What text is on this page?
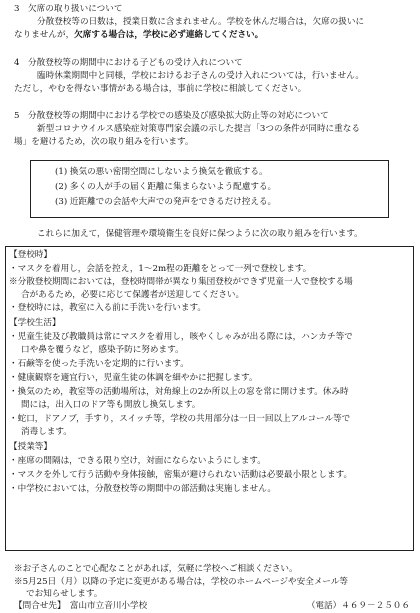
3　欠席の取り扱いについて
分散登校等の日数は，授業日数に含まれません。学校を休んだ場合は，欠席の扱いに
なりませんが，欠席する場合は，学校に必ず連絡してください。
4　分散登校等の期間中における子どもの受け入れについて
臨時休業期間中と同様，学校におけるお子さんの受け入れについては，行いません。
ただし，やむを得ない事情がある場合は，事前に学校に相談してください。
5　分散登校等の期間中における学校での感染及び感染拡大防止等の対応について
新型コロナウイルス感染症対策専門家会議の示した提言「3つの条件が同時に重なる
場」を避けるため，次の取り組みを行います。
(1) 換気の悪い密閉空間にしないよう換気を徹底する。
(2) 多くの人が手の届く距離に集まらないよう配慮する。
(3) 近距離での会話や大声での発声をできるだけ控える。
これらに加えて，保健管理や環境衛生を良好に保つように次の取り組みを行います。
【登校時】
・マスクを着用し，会話を控え，1～2m程の距離をとって一列で登校します。
※分散登校期間においては，登校時間帯が異なり集団登校ができず児童一人で登校する場
合があるため，必要に応じて保護者が送迎してください。
・登校時には，教室に入る前に手洗いを行います。
【学校生活】
・児童生徒及び教職員は常にマスクを着用し，咳やくしゃみが出る際には，ハンカチ等で
口や鼻を覆うなど，感染予防に努めます。
・石鹸等を使った手洗いを定期的に行います。
・健康観察を適宜行い，児童生徒の体調を細やかに把握します。
・換気のため，教室等の活動場所は，対角線上の2か所以上の窓を常に開けます。休み時
間には，出入口のドア等も開放し換気します。
・蛇口，ドアノブ，手すり，スイッチ等，学校の共用部分は一日一回以上アルコール等で
消毒します。
【授業等】
・座席の間隔は，できる限り空け，対面にならないようにします。
・マスクを外して行う活動や身体接触，密集が避けられない活動は必要最小限とします。
・中学校においては，分散登校等の期間中の部活動は実施しません。
※お子さんのことで心配なことがあれば，気軽に学校へご相談ください。
※5月25日（月）以降の予定に変更がある場合は，学校のホームページや安全メール等
でお知らせします。
【問合せ先】　富山市立音川小学校	（電話）４６９－２５０６
